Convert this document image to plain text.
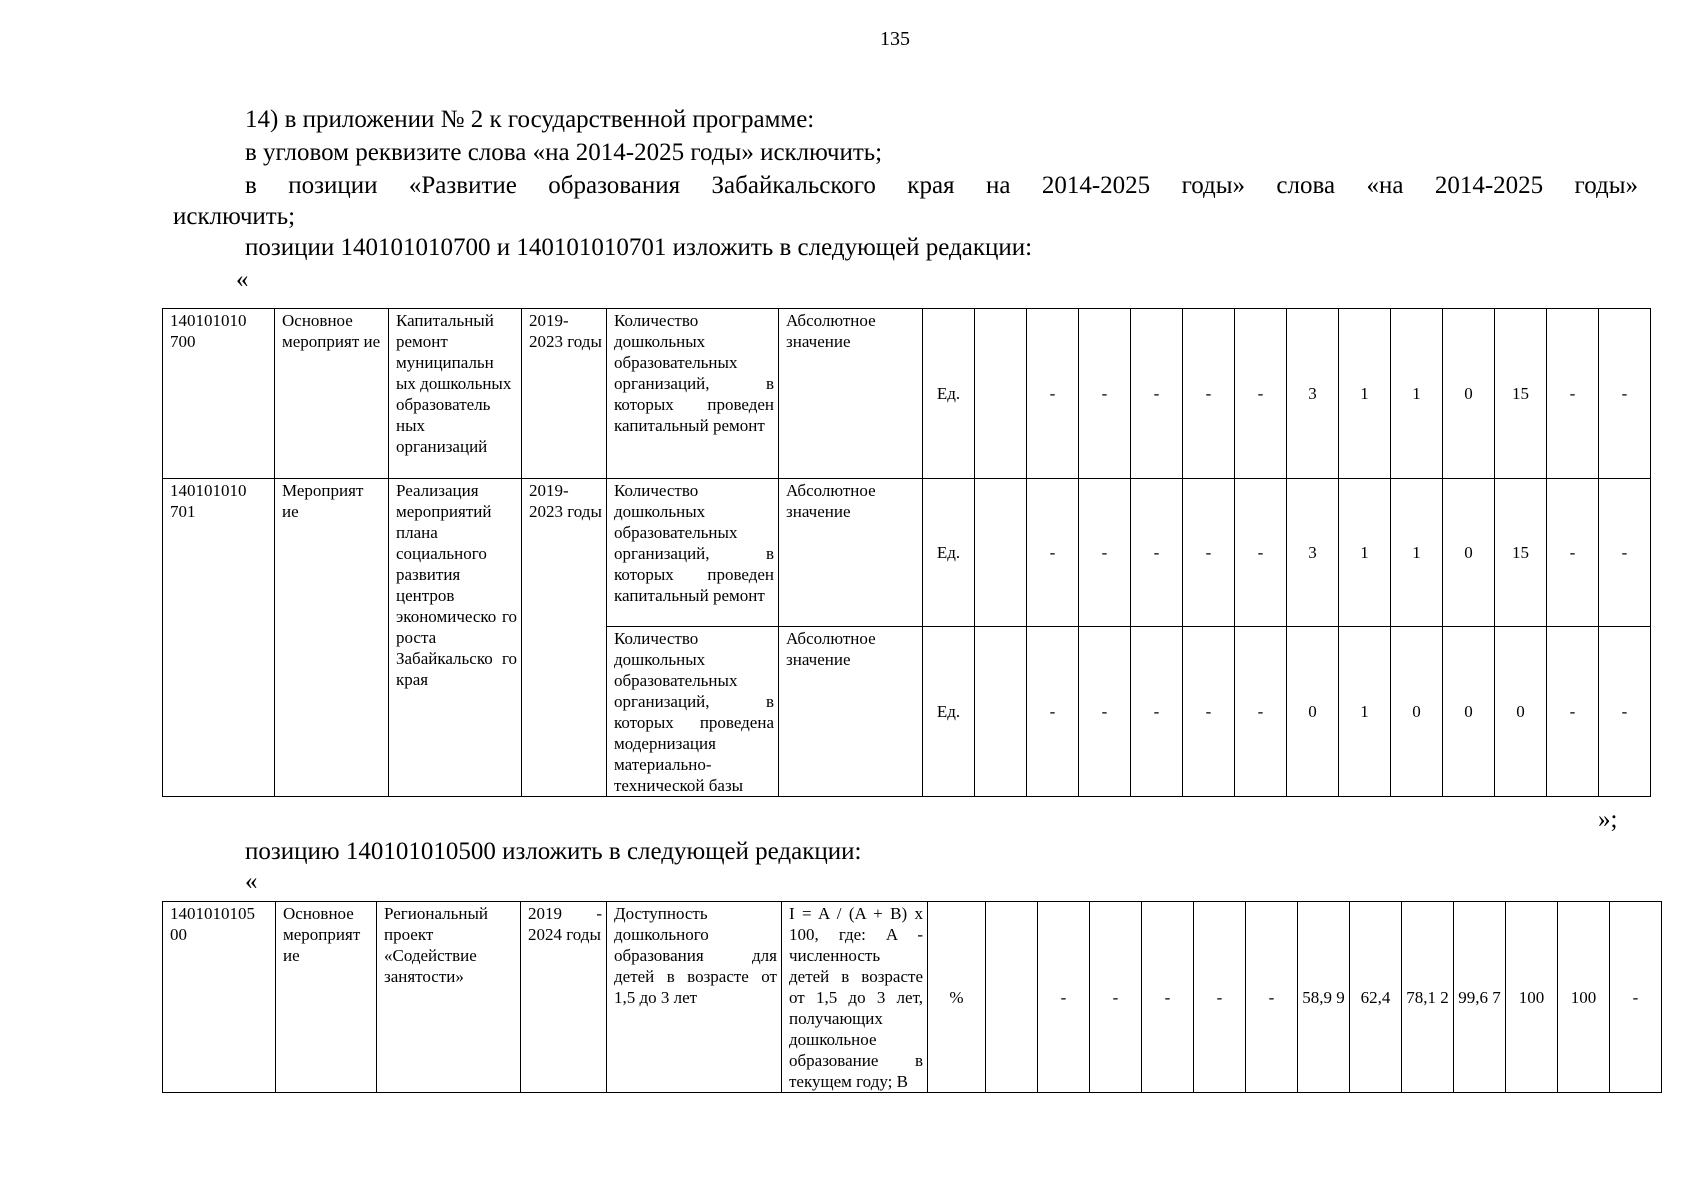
135
14) в приложении № 2 к государственной программе:
в угловом реквизите слова «на 2014-2025 годы» исключить;
в позиции «Развитие образования Забайкальского края на 2014-2025 годы» слова «на 2014-2025 годы»
исключить;
позиции 140101010700 и 140101010701 изложить в следующей редакции:
«
140101010 700	Основное мероприят ие	Капитальный ремонт муниципальн ых дошкольных образователь ных организаций	2019-2023 годы	Количество дошкольных образовательных организаций, в которых проведен капитальный ремонт	Абсолютное значение	Ед.		-	-	-	-	-	3	1	1	0	15	-	-
140101010 701	Мероприят ие	Реализация мероприятий плана социального развития центров экономическо го роста Забайкальско го края	2019-2023 годы	Количество дошкольных образовательных организаций, в которых проведен капитальный ремонт	Абсолютное значение	Ед.		-	-	-	-	-	3	1	1	0	15	-	-
				Количество дошкольных образовательных организаций, в которых проведена модернизация материально-технической базы	Абсолютное значение	Ед.		-	-	-	-	-	0	1	0	0	0	-	-
»;
позицию 140101010500 изложить в следующей редакции:
«
1401010105 00	Основное мероприят ие	Региональный проект «Содействие занятости»	2019 - 2024 годы	Доступность дошкольного образования для детей в возрасте от 1,5 до 3 лет	I = A / (A + B) x 100, где: A - численность детей в возрасте от 1,5 до 3 лет, получающих дошкольное образование в текущем году; B	%		-	-	-	-	-	58,9 9	62,4	78,1 2	99,6 7	100	100	-
